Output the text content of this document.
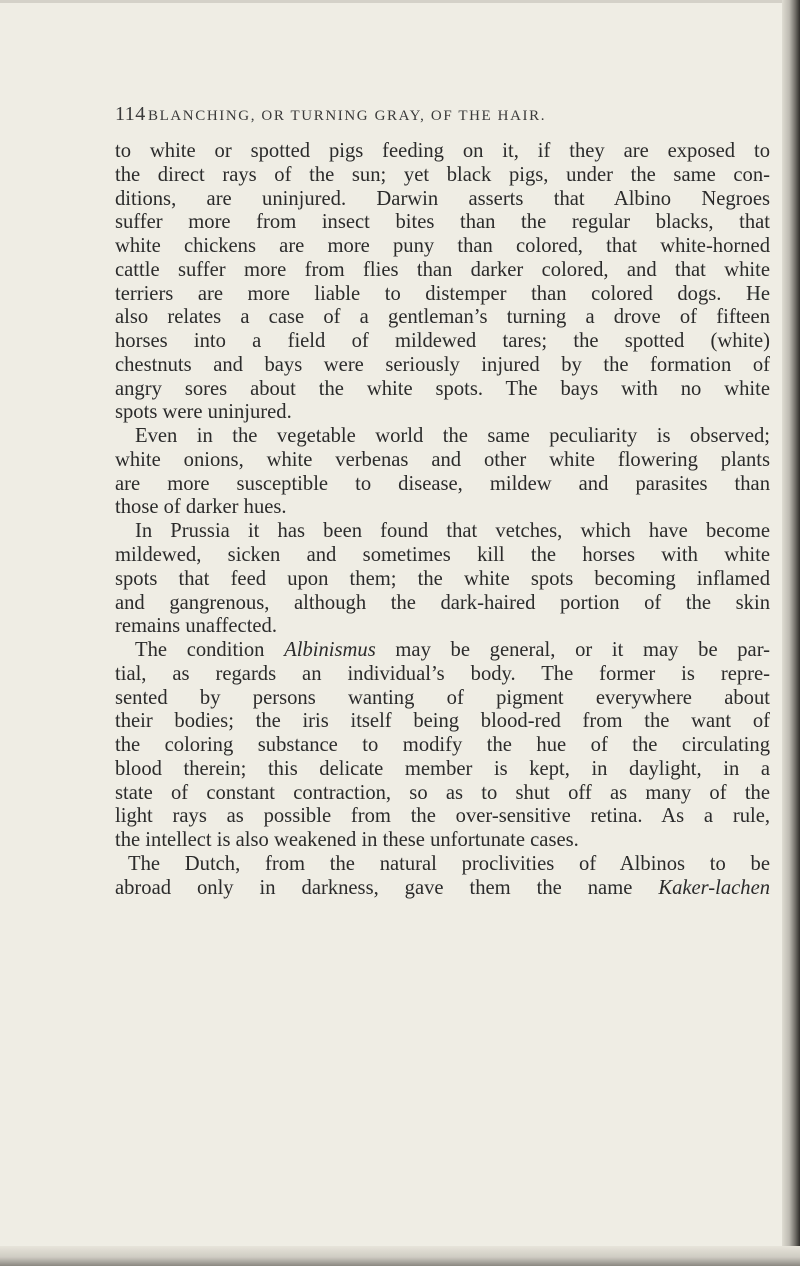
114 BLANCHING, OR TURNING GRAY, OF THE HAIR.
to white or spotted pigs feeding on it, if they are exposed to
the direct rays of the sun; yet black pigs, under the same con-
ditions, are uninjured. Darwin asserts that Albino Negroes
suffer more from insect bites than the regular blacks, that
white chickens are more puny than colored, that white-horned
cattle suffer more from flies than darker colored, and that white
terriers are more liable to distemper than colored dogs. He
also relates a case of a gentleman’s turning a drove of fifteen
horses into a field of mildewed tares; the spotted (white)
chestnuts and bays were seriously injured by the formation of
angry sores about the white spots. The bays with no white
spots were uninjured.
Even in the vegetable world the same peculiarity is observed;
white onions, white verbenas and other white flowering plants
are more susceptible to disease, mildew and parasites than
those of darker hues.
In Prussia it has been found that vetches, which have become
mildewed, sicken and sometimes kill the horses with white
spots that feed upon them; the white spots becoming inflamed
and gangrenous, although the dark-haired portion of the skin
remains unaffected.
The condition Albinismus may be general, or it may be par-
tial, as regards an individual’s body. The former is repre-
sented by persons wanting of pigment everywhere about
their bodies; the iris itself being blood-red from the want of
the coloring substance to modify the hue of the circulating
blood therein; this delicate member is kept, in daylight, in a
state of constant contraction, so as to shut off as many of the
light rays as possible from the over-sensitive retina. As a rule,
the intellect is also weakened in these unfortunate cases.
The Dutch, from the natural proclivities of Albinos to be
abroad only in darkness, gave them the name Kaker-lachen
